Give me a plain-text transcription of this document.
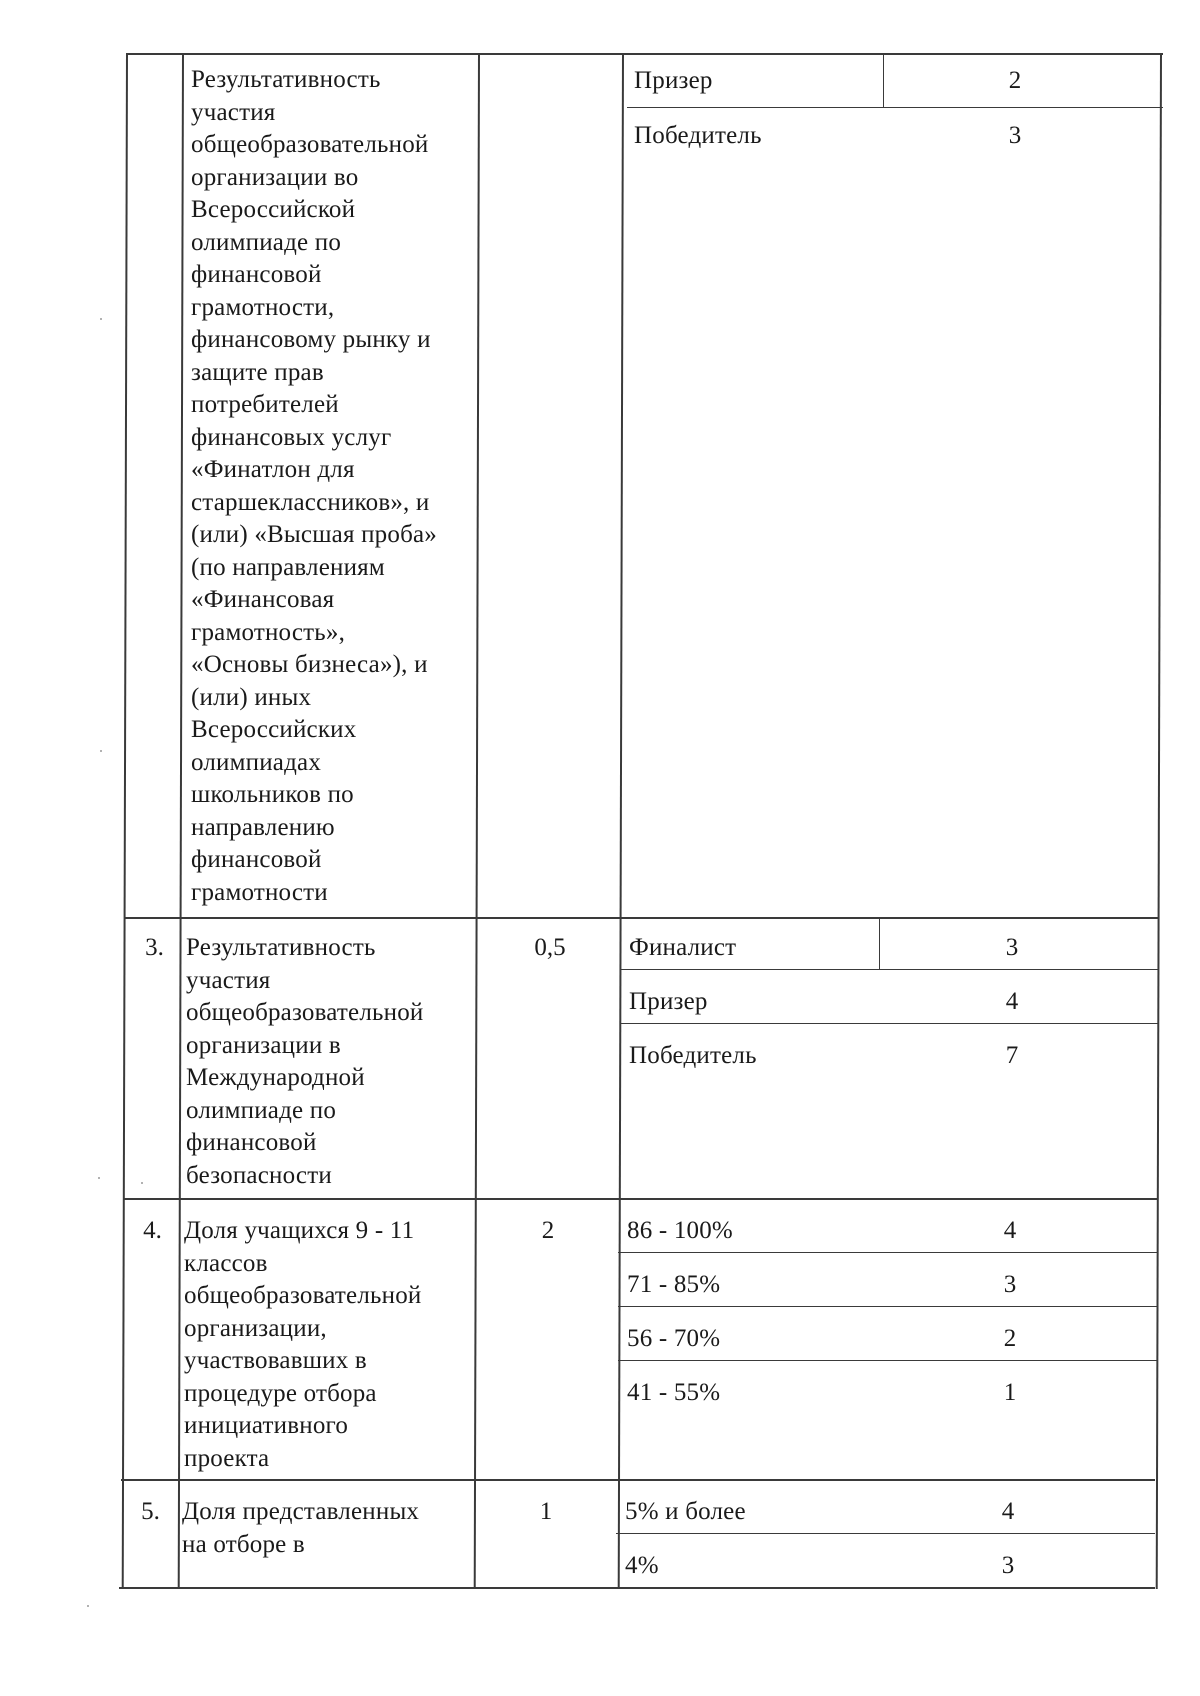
Результативность
участия
общеобразовательной
организации во
Всероссийской
олимпиаде по
финансовой
грамотности,
финансовому рынку и
защите прав
потребителей
финансовых услуг
«Финатлон для
старшеклассников», и
(или) «Высшая проба»
(по направлениям
«Финансовая
грамотность»,
«Основы бизнеса»), и
(или) иных
Всероссийских
олимпиадах
школьников по
направлению
финансовой
грамотности
Призер	2
Победитель	3
3. Результативность
участия
общеобразовательной
организации в
Международной
олимпиаде по
финансовой
безопасности
0,5	Финалист	3
Призер	4
Победитель	7
4. Доля учащихся 9 - 11
классов
общеобразовательной
организации,
участвовавших в
процедуре отбора
инициативного
проекта
2	86 - 100%	4
71 - 85%	3
56 - 70%	2
41 - 55%	1
5. Доля представленных
на отборе в
1	5% и более	4
4%	3
